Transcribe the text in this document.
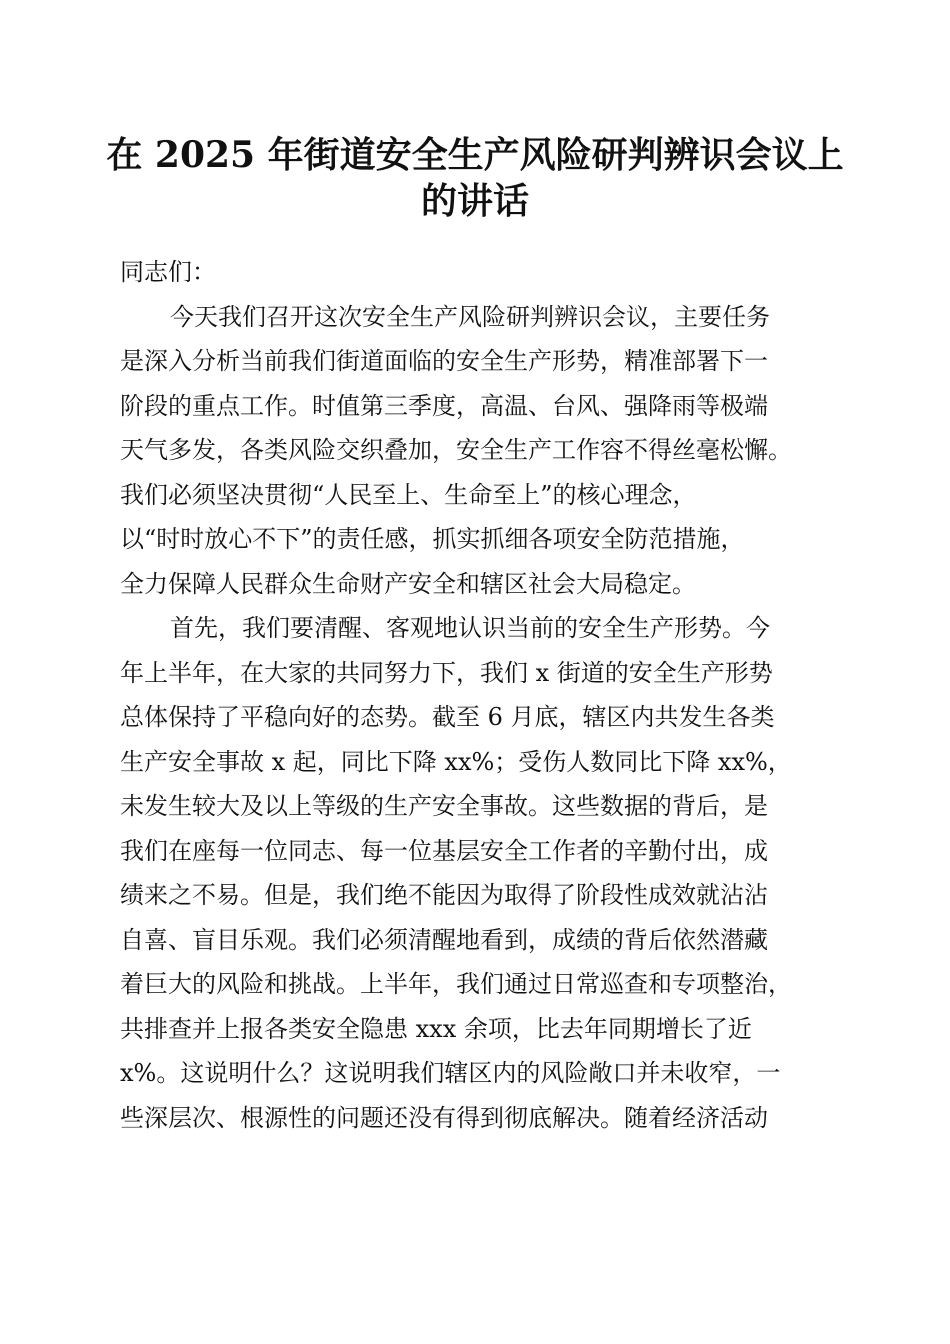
在 2025 年街道安全生产风险研判辨识会议上
的讲话
同志们：
今天我们召开这次安全生产风险研判辨识会议，主要任务
是深入分析当前我们街道面临的安全生产形势，精准部署下一
阶段的重点工作。时值第三季度，高温、台风、强降雨等极端
天气多发，各类风险交织叠加，安全生产工作容不得丝毫松懈。
我们必须坚决贯彻“人民至上、生命至上”的核心理念，
以“时时放心不下”的责任感，抓实抓细各项安全防范措施，
全力保障人民群众生命财产安全和辖区社会大局稳定。
首先，我们要清醒、客观地认识当前的安全生产形势。今
年上半年，在大家的共同努力下，我们 x 街道的安全生产形势
总体保持了平稳向好的态势。截至 6 月底，辖区内共发生各类
生产安全事故 x 起，同比下降 xx%；受伤人数同比下降 xx%，
未发生较大及以上等级的生产安全事故。这些数据的背后，是
我们在座每一位同志、每一位基层安全工作者的辛勤付出，成
绩来之不易。但是，我们绝不能因为取得了阶段性成效就沾沾
自喜、盲目乐观。我们必须清醒地看到，成绩的背后依然潜藏
着巨大的风险和挑战。上半年，我们通过日常巡查和专项整治，
共排查并上报各类安全隐患 xxx 余项，比去年同期增长了近
x%。这说明什么？这说明我们辖区内的风险敞口并未收窄，一
些深层次、根源性的问题还没有得到彻底解决。随着经济活动
